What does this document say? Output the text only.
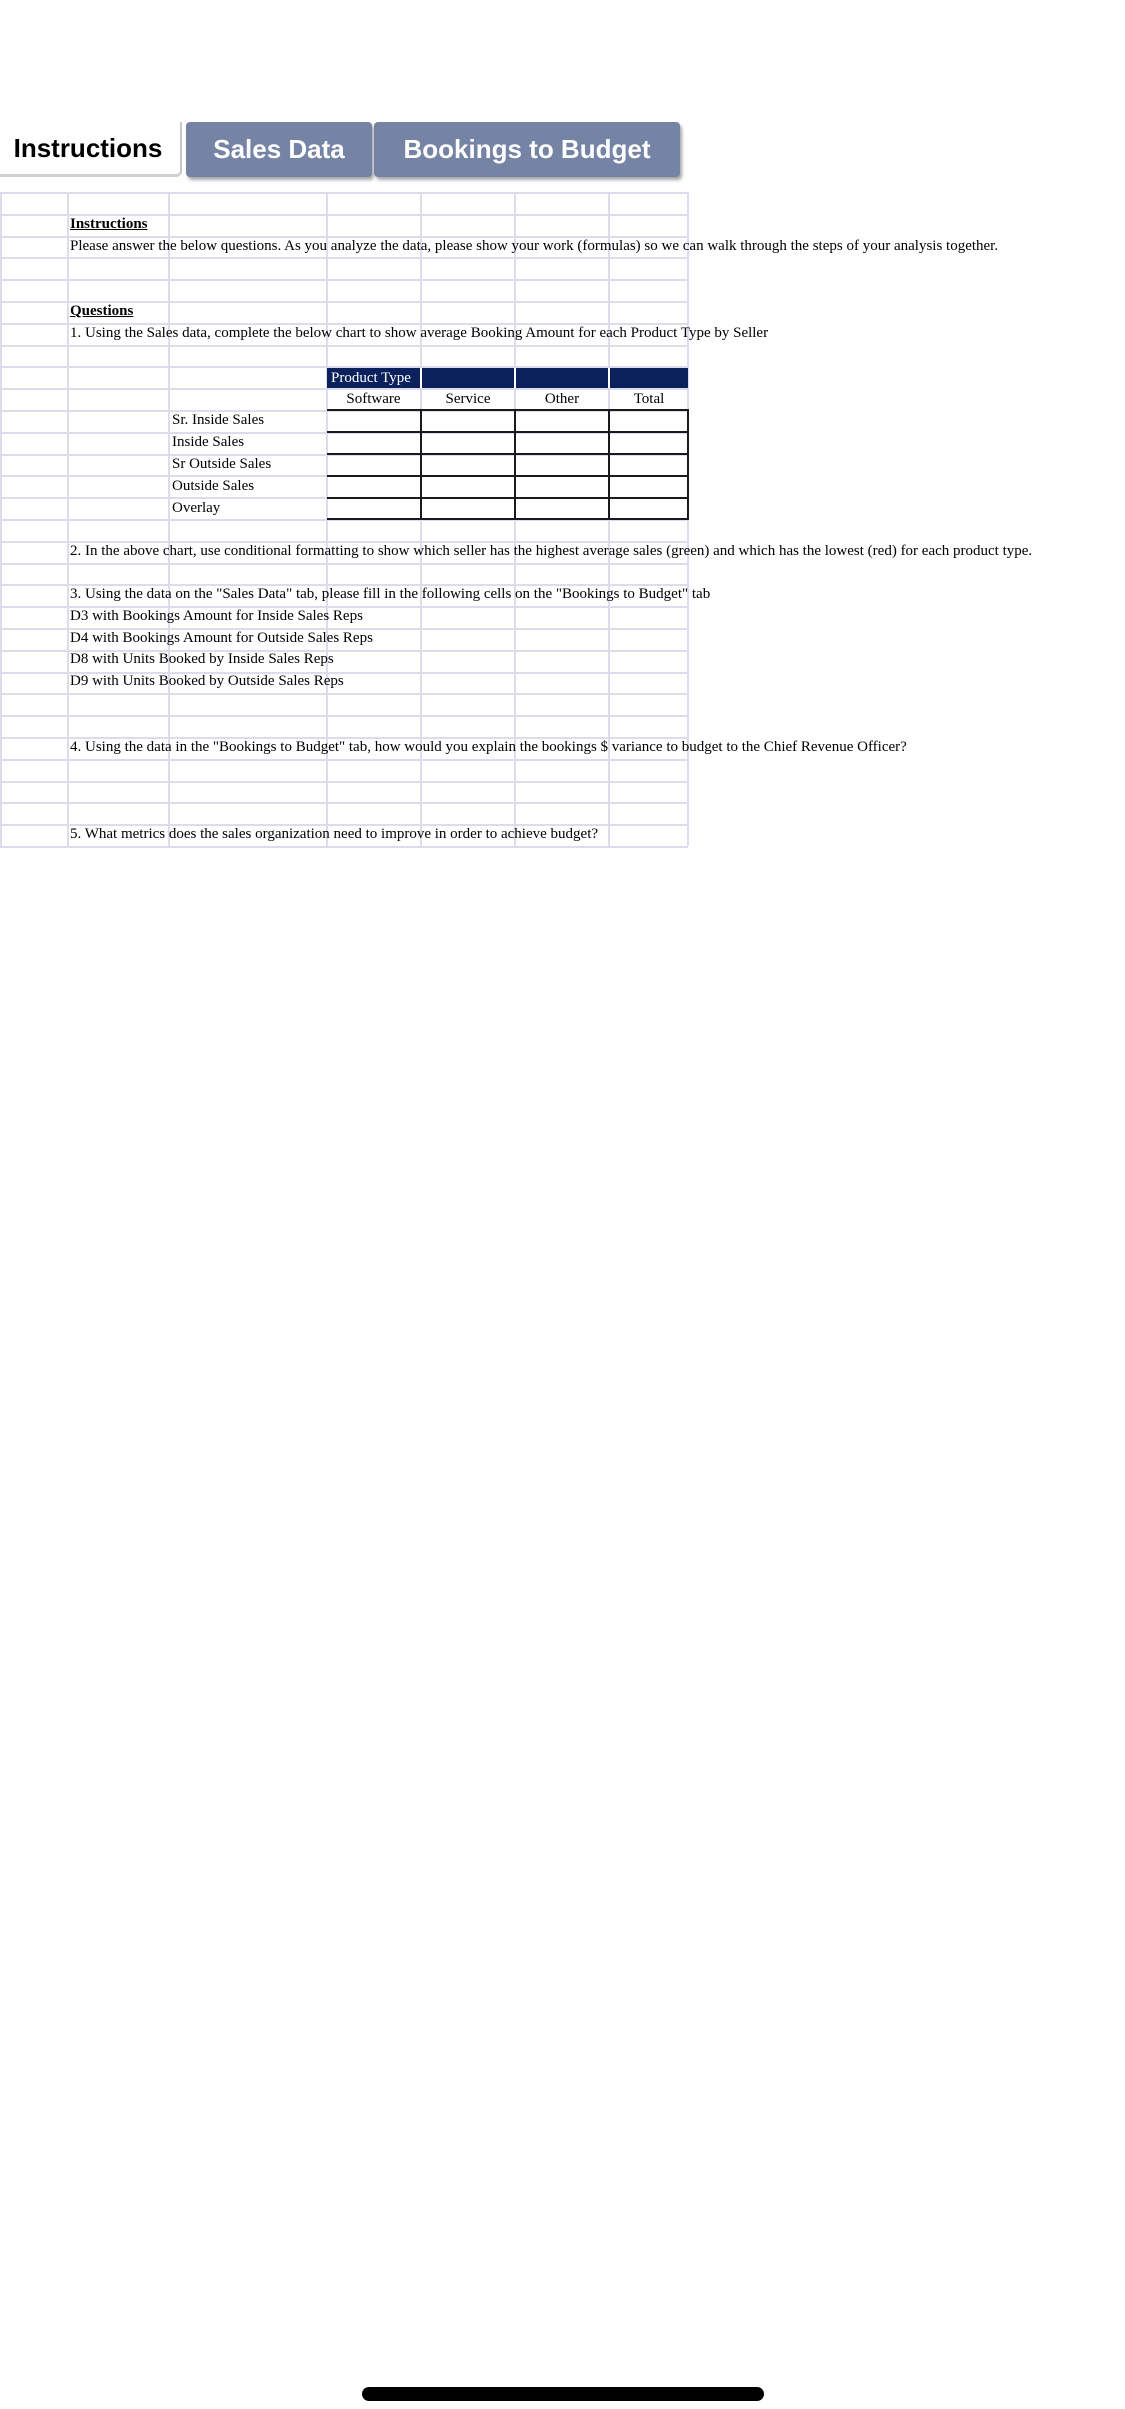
Instructions	Sales Data	Bookings to Budget
Instructions
Please answer the below questions. As you analyze the data, please show your work (formulas) so we can walk through the steps of your analysis together.
Questions
1. Using the Sales data, complete the below chart to show average Booking Amount for each Product Type by Seller
Product Type
Software	Service	Other	Total
Sr. Inside Sales
Inside Sales
Sr Outside Sales
Outside Sales
Overlay
2. In the above chart, use conditional formatting to show which seller has the highest average sales (green) and which has the lowest (red) for each product type.
3. Using the data on the "Sales Data" tab, please fill in the following cells on the "Bookings to Budget" tab
D3 with Bookings Amount for Inside Sales Reps
D4 with Bookings Amount for Outside Sales Reps
D8 with Units Booked by Inside Sales Reps
D9 with Units Booked by Outside Sales Reps
4. Using the data in the "Bookings to Budget" tab, how would you explain the bookings $ variance to budget to the Chief Revenue Officer?
5. What metrics does the sales organization need to improve in order to achieve budget?
